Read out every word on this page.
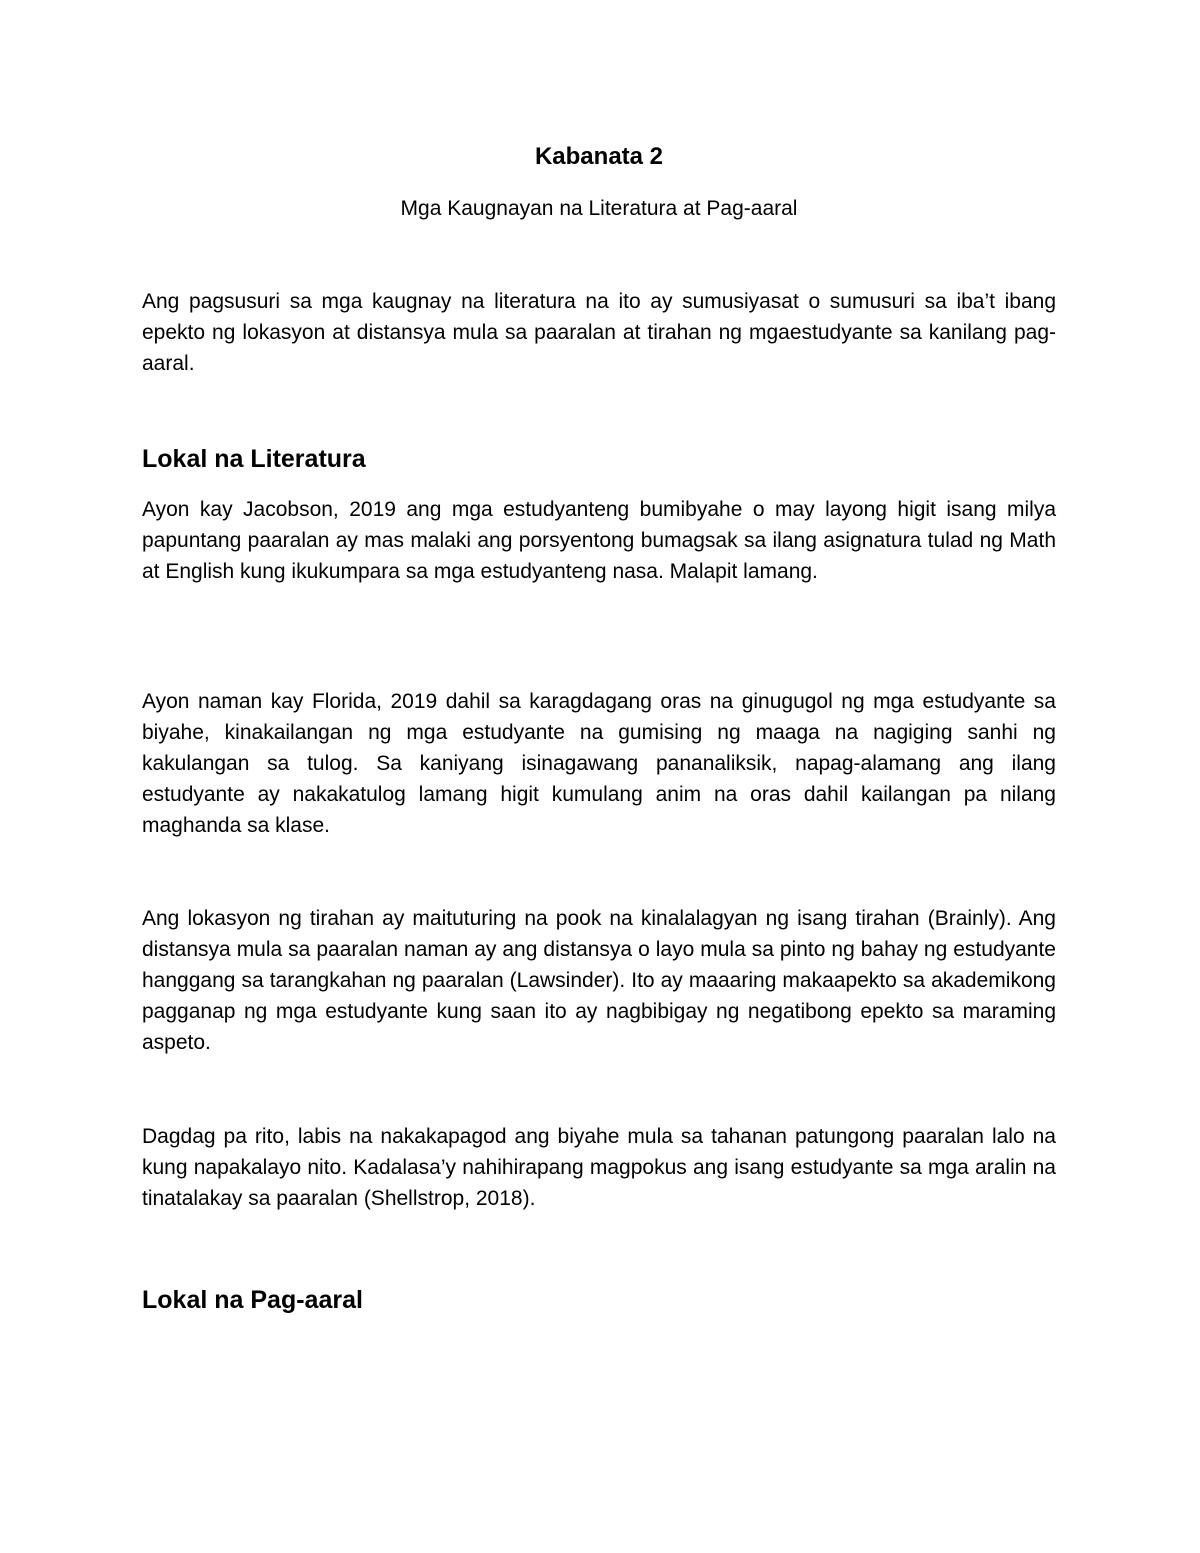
Kabanata 2

Mga Kaugnayan na Literatura at Pag-aaral

Ang pagsusuri sa mga kaugnay na literatura na ito ay sumusiyasat o sumusuri sa iba’t ibang epekto ng lokasyon at distansya mula sa paaralan at tirahan ng mgaestudyante sa kanilang pag-aaral.

Lokal na Literatura

Ayon kay Jacobson, 2019 ang mga estudyanteng bumibyahe o may layong higit isang milya papuntang paaralan ay mas malaki ang porsyentong bumagsak sa ilang asignatura tulad ng Math at English kung ikukumpara sa mga estudyanteng nasa. Malapit lamang.

Ayon naman kay Florida, 2019 dahil sa karagdagang oras na ginugugol ng mga estudyante sa biyahe, kinakailangan ng mga estudyante na gumising ng maaga na nagiging sanhi ng kakulangan sa tulog. Sa kaniyang isinagawang pananaliksik, napag-alamang ang ilang estudyante ay nakakatulog lamang higit kumulang anim na oras dahil kailangan pa nilang maghanda sa klase.

Ang lokasyon ng tirahan ay maituturing na pook na kinalalagyan ng isang tirahan (Brainly). Ang distansya mula sa paaralan naman ay ang distansya o layo mula sa pinto ng bahay ng estudyante hanggang sa tarangkahan ng paaralan (Lawsinder). Ito ay maaaring makaapekto sa akademikong pagganap ng mga estudyante kung saan ito ay nagbibigay ng negatibong epekto sa maraming aspeto.

Dagdag pa rito, labis na nakakapagod ang biyahe mula sa tahanan patungong paaralan lalo na kung napakalayo nito. Kadalasa’y nahihirapang magpokus ang isang estudyante sa mga aralin na tinatalakay sa paaralan (Shellstrop, 2018).

Lokal na Pag-aaral
